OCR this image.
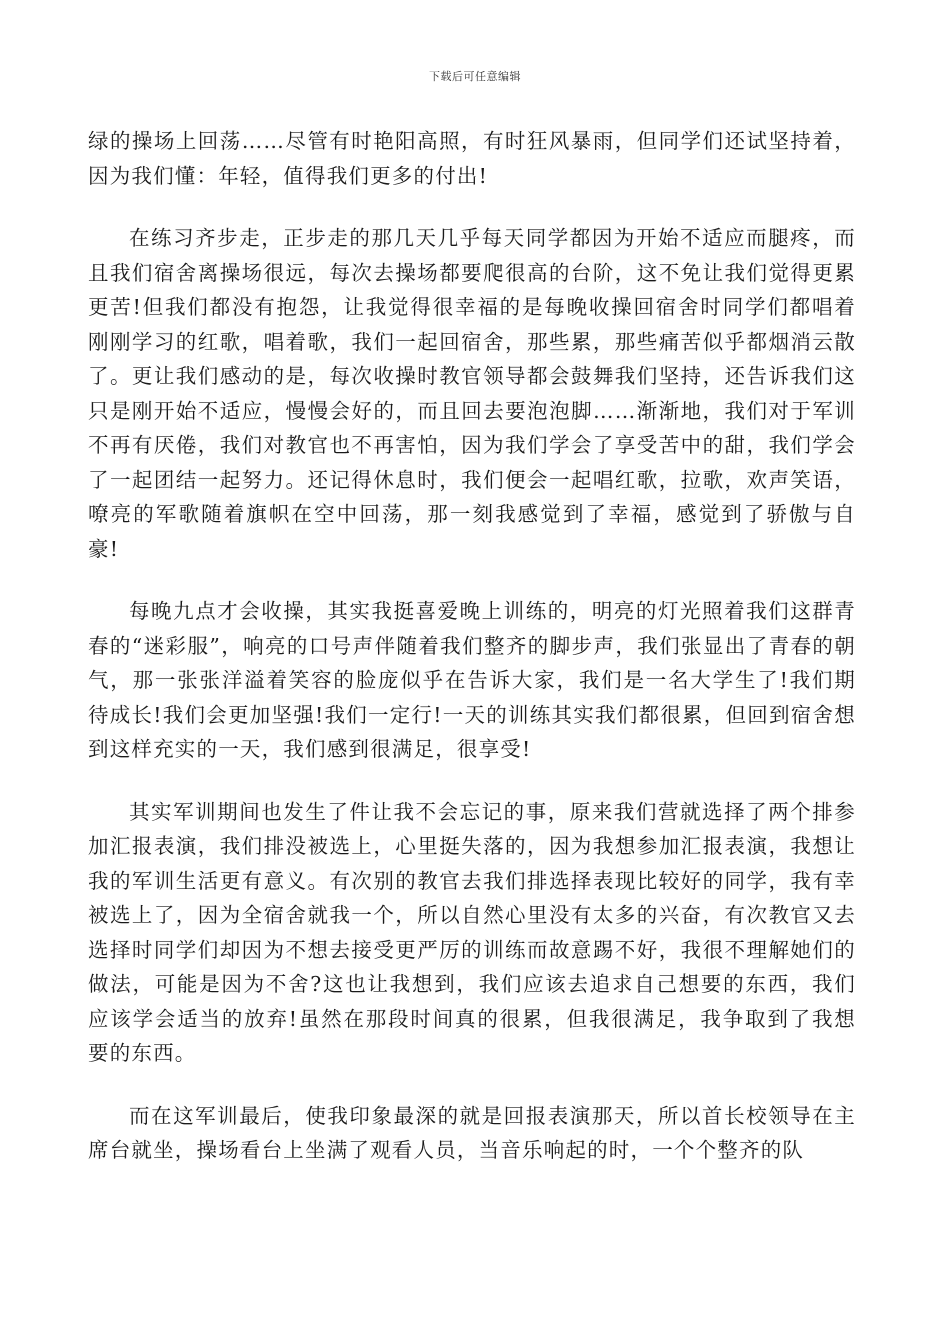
下载后可任意编辑

绿的操场上回荡……尽管有时艳阳高照，有时狂风暴雨，但同学们还试坚持着，因为我们懂：年轻，值得我们更多的付出!

在练习齐步走，正步走的那几天几乎每天同学都因为开始不适应而腿疼，而且我们宿舍离操场很远，每次去操场都要爬很高的台阶，这不免让我们觉得更累更苦!但我们都没有抱怨，让我觉得很幸福的是每晚收操回宿舍时同学们都唱着刚刚学习的红歌，唱着歌，我们一起回宿舍，那些累，那些痛苦似乎都烟消云散了。更让我们感动的是，每次收操时教官领导都会鼓舞我们坚持，还告诉我们这只是刚开始不适应，慢慢会好的，而且回去要泡泡脚……渐渐地，我们对于军训不再有厌倦，我们对教官也不再害怕，因为我们学会了享受苦中的甜，我们学会了一起团结一起努力。还记得休息时，我们便会一起唱红歌，拉歌，欢声笑语，嘹亮的军歌随着旗帜在空中回荡，那一刻我感觉到了幸福，感觉到了骄傲与自豪!

每晚九点才会收操，其实我挺喜爱晚上训练的，明亮的灯光照着我们这群青春的“迷彩服”，响亮的口号声伴随着我们整齐的脚步声，我们张显出了青春的朝气，那一张张洋溢着笑容的脸庞似乎在告诉大家，我们是一名大学生了!我们期待成长!我们会更加坚强!我们一定行!一天的训练其实我们都很累，但回到宿舍想到这样充实的一天，我们感到很满足，很享受!

其实军训期间也发生了件让我不会忘记的事，原来我们营就选择了两个排参加汇报表演，我们排没被选上，心里挺失落的，因为我想参加汇报表演，我想让我的军训生活更有意义。有次别的教官去我们排选择表现比较好的同学，我有幸被选上了，因为全宿舍就我一个，所以自然心里没有太多的兴奋，有次教官又去选择时同学们却因为不想去接受更严厉的训练而故意踢不好，我很不理解她们的做法，可能是因为不舍?这也让我想到，我们应该去追求自己想要的东西，我们应该学会适当的放弃!虽然在那段时间真的很累，但我很满足，我争取到了我想要的东西。

而在这军训最后，使我印象最深的就是回报表演那天，所以首长校领导在主席台就坐，操场看台上坐满了观看人员，当音乐响起的时，一个个整齐的队
